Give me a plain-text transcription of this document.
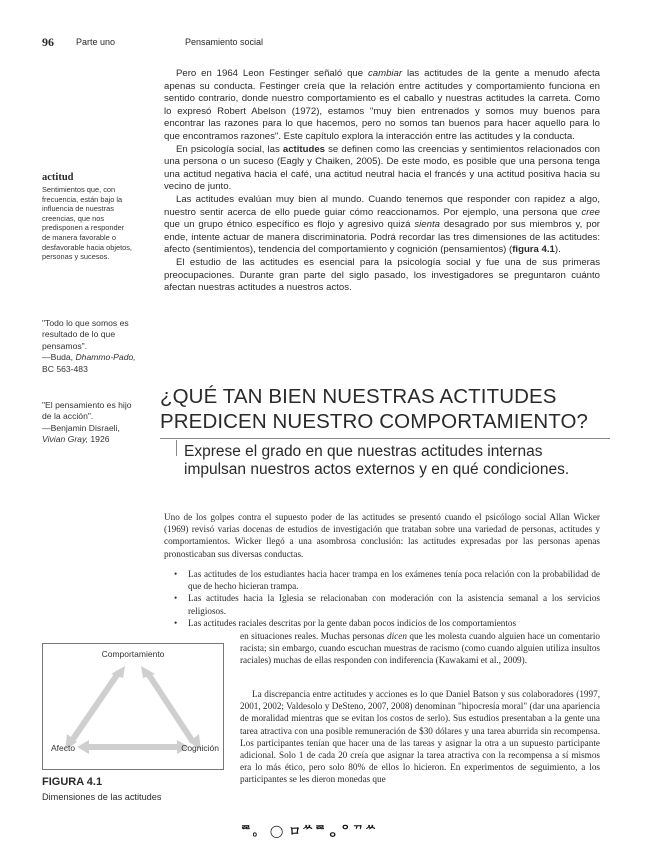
96 Parte uno	Pensamiento social

Pero en 1964 Leon Festinger señaló que cambiar las actitudes de la gente a menudo afecta apenas su conducta. Festinger creía que la relación entre actitudes y comportamiento funciona en sentido contrario, donde nuestro comportamiento es el caballo y nuestras actitudes la carreta. Como lo expresó Robert Abelson (1972), estamos "muy bien entrenados y somos muy buenos para encontrar las razones para lo que hacemos, pero no somos tan buenos para hacer aquello para lo que encontramos razones". Este capítulo explora la interacción entre las actitudes y la conducta.

En psicología social, las actitudes se definen como las creencias y sentimientos relacionados con una persona o un suceso (Eagly y Chaiken, 2005). De este modo, es posible que una persona tenga una actitud negativa hacia el café, una actitud neutral hacia el francés y una actitud positiva hacia su vecino de junto.

Las actitudes evalúan muy bien al mundo. Cuando tenemos que responder con rapidez a algo, nuestro sentir acerca de ello puede guiar cómo reaccionamos. Por ejemplo, una persona que cree que un grupo étnico específico es flojo y agresivo quizá sienta desagrado por sus miembros y, por ende, intente actuar de manera discriminatoria. Podrá recordar las tres dimensiones de las actitudes: afecto (sentimientos), tendencia del comportamiento y cognición (pensamientos) (figura 4.1).

El estudio de las actitudes es esencial para la psicología social y fue una de sus primeras preocupaciones. Durante gran parte del siglo pasado, los investigadores se preguntaron cuánto afectan nuestras actitudes a nuestros actos.

actitud
Sentimientos que, con frecuencia, están bajo la influencia de nuestras creencias, que nos predisponen a responder de manera favorable o desfavorable hacia objetos, personas y sucesos.
"Todo lo que somos es resultado de lo que pensamos".
—Buda, Dhammo-Pado, BC 563-483
"El pensamiento es hijo de la acción".
—Benjamin Disraeli,
Vivian Gray, 1926
¿QUÉ TAN BIEN NUESTRAS ACTITUDES PREDICEN NUESTRO COMPORTAMIENTO?
Exprese el grado en que nuestras actitudes internas impulsan nuestros actos externos y en qué condiciones.

Uno de los golpes contra el supuesto poder de las actitudes se presentó cuando el psicólogo social Allan Wicker (1969) revisó varias docenas de estudios de investigación que trataban sobre una variedad de personas, actitudes y comportamientos. Wicker llegó a una asombrosa conclusión: las actitudes expresadas por las personas apenas pronosticaban sus diversas conductas.

• Las actitudes de los estudiantes hacia hacer trampa en los exámenes tenía poca relación con la probabilidad de que de hecho hicieran trampa.
• Las actitudes hacia la Iglesia se relacionaban con moderación con la asistencia semanal a los servicios religiosos.
• Las actitudes raciales descritas por la gente daban pocos indicios de los comportamientos

en situaciones reales. Muchas personas dicen que les molesta cuando alguien hace un comentario racista; sin embargo, cuando escuchan muestras de racismo (como cuando alguien utiliza insultos raciales) muchas de ellas responden con indiferencia (Kawakami et al., 2009).

La discrepancia entre actitudes y acciones es lo que Daniel Batson y sus colaboradores (1997, 2001, 2002; Valdesolo y DeSteno, 2007, 2008) denominan "hipocresía moral" (dar una apariencia de moralidad mientras que se evitan los costos de serlo). Sus estudios presentaban a la gente una tarea atractiva con una posible remuneración de $30 dólares y una tarea aburrida sin recompensa. Los participantes tenían que hacer una de las tareas y asignar la otra a un supuesto participante adicional. Solo 1 de cada 20 creía que asignar la tarea atractiva con la recompensa a sí mismos era lo más ético, pero solo 80% de ellos lo hicieron. En experimentos de seguimiento, a los participantes se les dieron monedas que

Comportamiento
Afecto	Cognición
FIGURA 4.1
Dimensiones de las actitudes
ᄙ。 ◯ ロᄊᄙᆼᄋᄁᄊ
